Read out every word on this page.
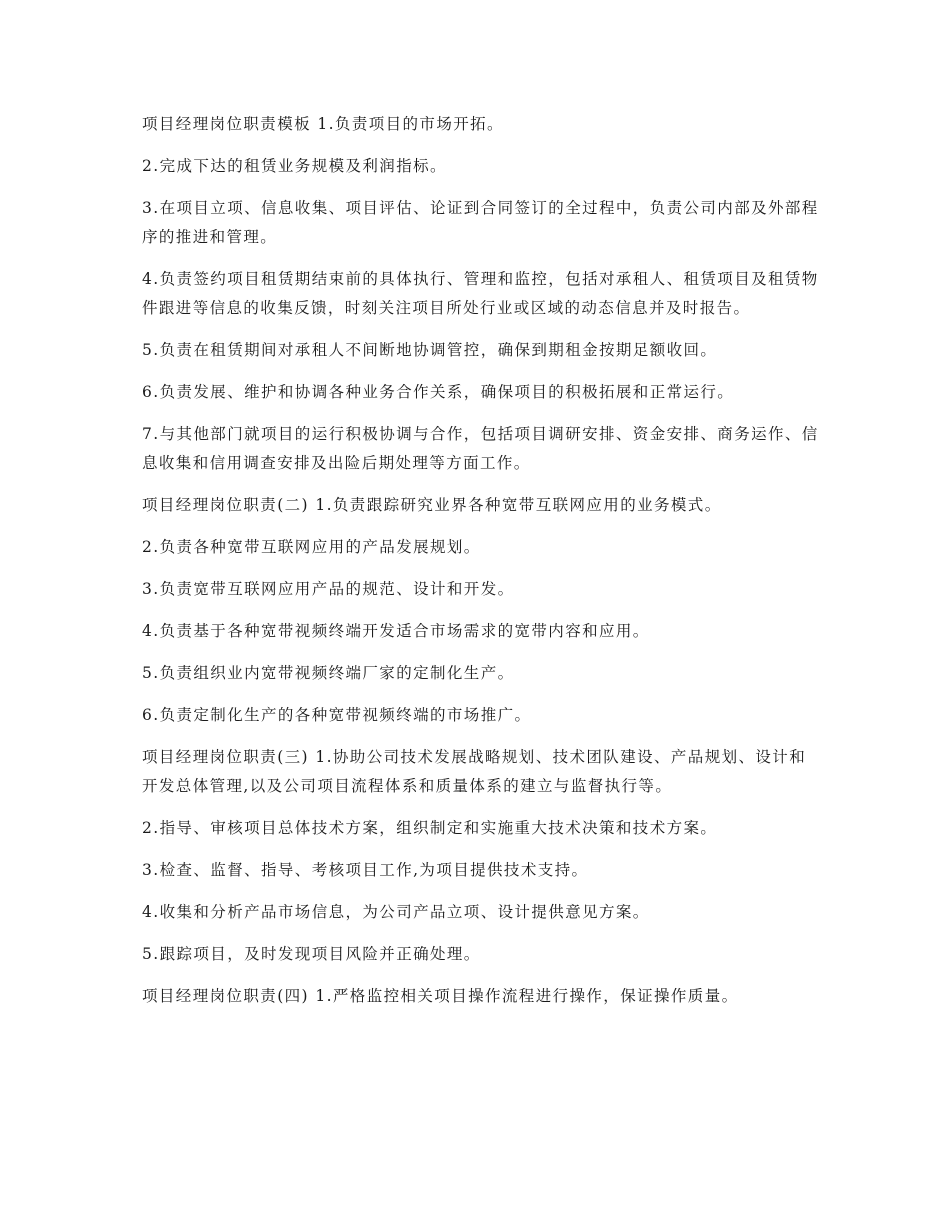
项目经理岗位职责模板 1.负责项目的市场开拓。

2.完成下达的租赁业务规模及利润指标。

3.在项目立项、信息收集、项目评估、论证到合同签订的全过程中，负责公司内部及外部程序的推进和管理。

4.负责签约项目租赁期结束前的具体执行、管理和监控，包括对承租人、租赁项目及租赁物件跟进等信息的收集反馈，时刻关注项目所处行业或区域的动态信息并及时报告。

5.负责在租赁期间对承租人不间断地协调管控，确保到期租金按期足额收回。

6.负责发展、维护和协调各种业务合作关系，确保项目的积极拓展和正常运行。

7.与其他部门就项目的运行积极协调与合作，包括项目调研安排、资金安排、商务运作、信息收集和信用调查安排及出险后期处理等方面工作。

项目经理岗位职责(二) 1.负责跟踪研究业界各种宽带互联网应用的业务模式。

2.负责各种宽带互联网应用的产品发展规划。

3.负责宽带互联网应用产品的规范、设计和开发。

4.负责基于各种宽带视频终端开发适合市场需求的宽带内容和应用。

5.负责组织业内宽带视频终端厂家的定制化生产。

6.负责定制化生产的各种宽带视频终端的市场推广。

项目经理岗位职责(三) 1.协助公司技术发展战略规划、技术团队建设、产品规划、设计和开发总体管理,以及公司项目流程体系和质量体系的建立与监督执行等。

2.指导、审核项目总体技术方案，组织制定和实施重大技术决策和技术方案。

3.检查、监督、指导、考核项目工作,为项目提供技术支持。

4.收集和分析产品市场信息，为公司产品立项、设计提供意见方案。

5.跟踪项目，及时发现项目风险并正确处理。

项目经理岗位职责(四) 1.严格监控相关项目操作流程进行操作，保证操作质量。
